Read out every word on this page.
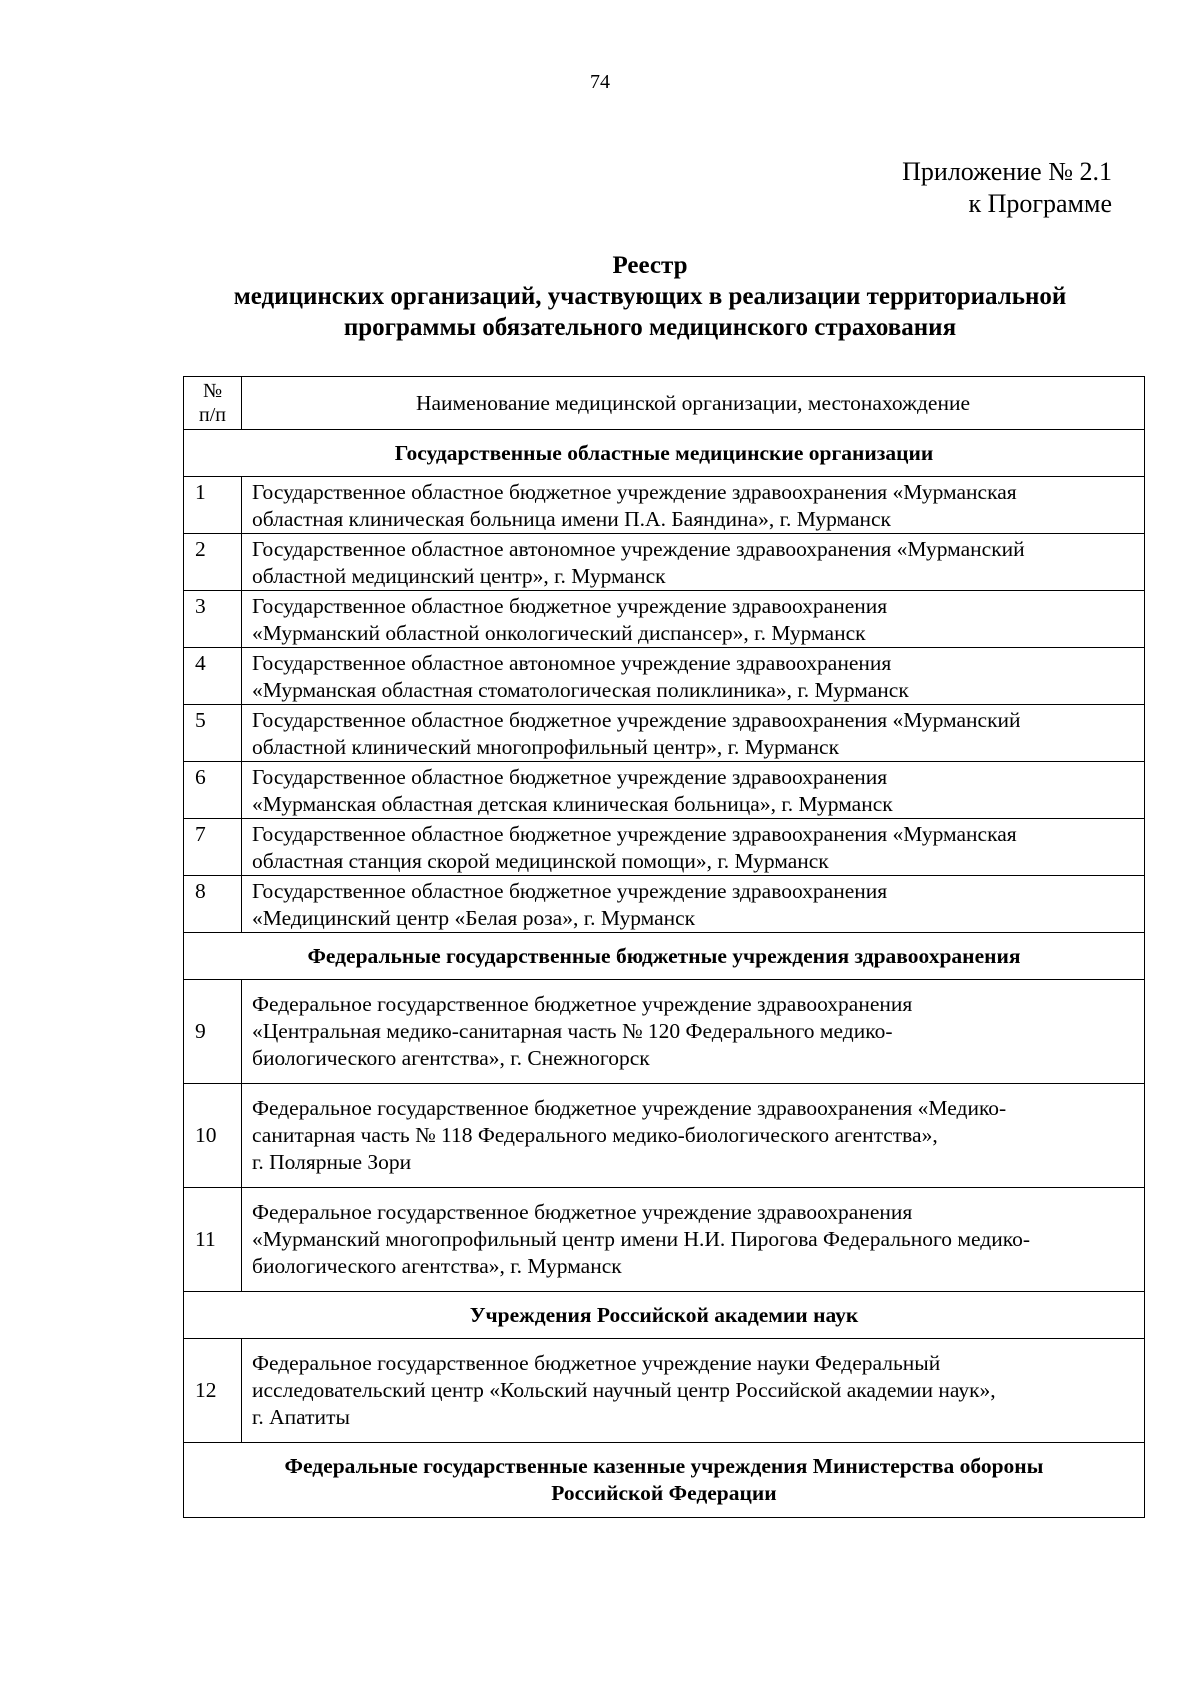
74
Приложение № 2.1
к Программе
Реестр
медицинских организаций, участвующих в реализации территориальной
программы обязательного медицинского страхования
№
п/п	Наименование медицинской организации, местонахождение
Государственные областные медицинские организации	
1	Государственное областное бюджетное учреждение здравоохранения «Мурманская
областная клиническая больница имени П.А. Баяндина», г. Мурманск

2	Государственное областное автономное учреждение здравоохранения «Мурманский
областной медицинский центр», г. Мурманск

3	Государственное областное бюджетное учреждение здравоохранения
«Мурманский областной онкологический диспансер», г. Мурманск

4	Государственное областное автономное учреждение здравоохранения
«Мурманская областная стоматологическая поликлиника», г. Мурманск

5	Государственное областное бюджетное учреждение здравоохранения «Мурманский
областной клинический многопрофильный центр», г. Мурманск

6	Государственное областное бюджетное учреждение здравоохранения
«Мурманская областная детская клиническая больница», г. Мурманск

7	Государственное областное бюджетное учреждение здравоохранения «Мурманская
областная станция скорой медицинской помощи», г. Мурманск

8	Государственное областное бюджетное учреждение здравоохранения
«Медицинский центр «Белая роза», г. Мурманск

Федеральные государственные бюджетные учреждения здравоохранения	
9	Федеральное государственное бюджетное учреждение здравоохранения
«Центральная медико-санитарная часть № 120 Федерального медико-
биологического агентства», г. Снежногорск

10	Федеральное государственное бюджетное учреждение здравоохранения «Медико-
санитарная часть № 118 Федерального медико-биологического агентства»,
г. Полярные Зори

11	Федеральное государственное бюджетное учреждение здравоохранения
«Мурманский многопрофильный центр имени Н.И. Пирогова Федерального медико-
биологического агентства», г. Мурманск

Учреждения Российской академии наук	
12	Федеральное государственное бюджетное учреждение науки Федеральный
исследовательский центр «Кольский научный центр Российской академии наук»,
г. Апатиты

Федеральные государственные казенные учреждения Министерства обороны
Российской Федерации	
